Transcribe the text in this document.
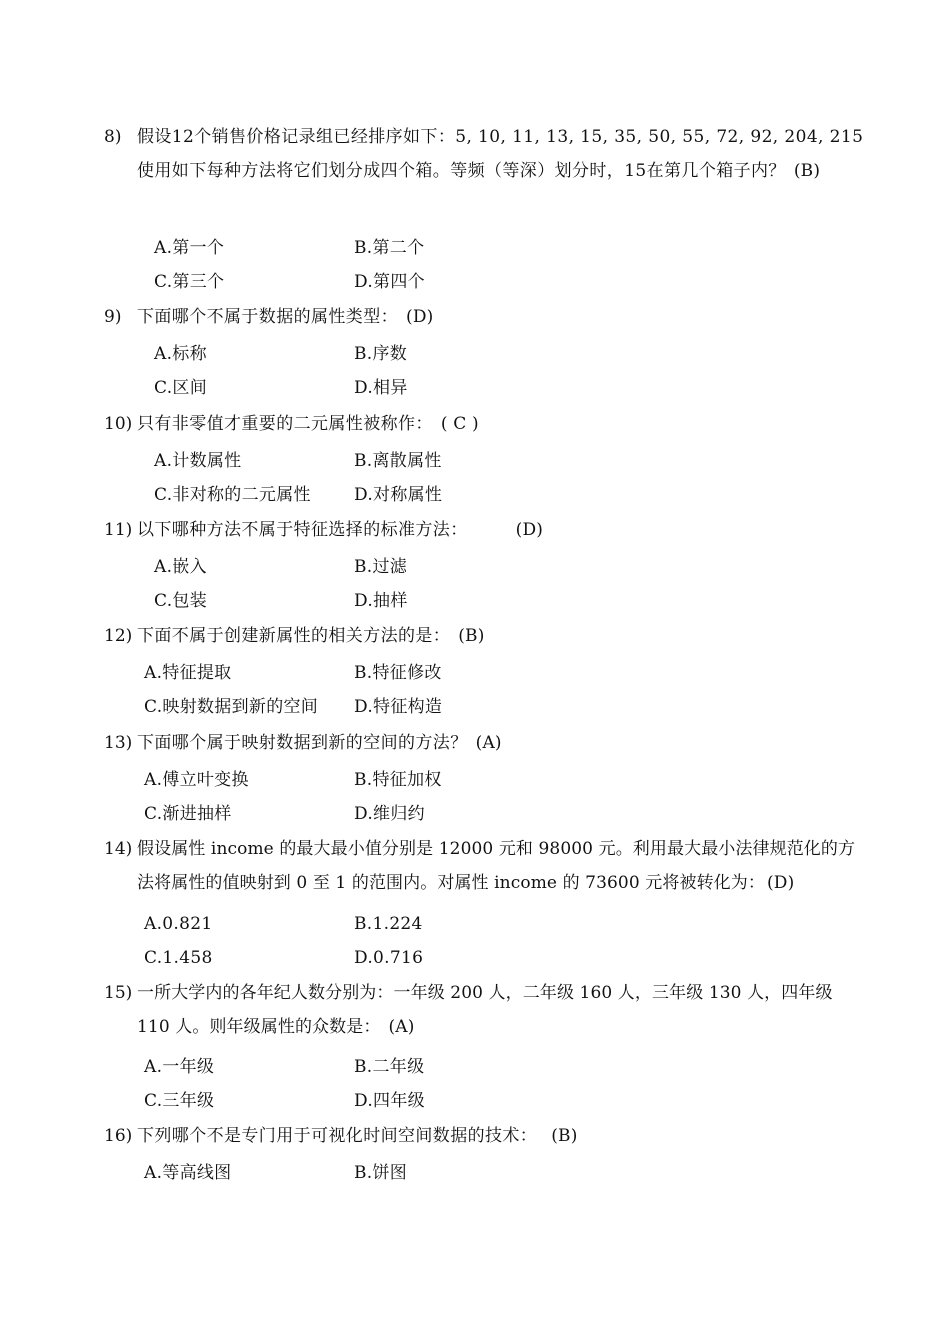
8) 假设12个销售价格记录组已经排序如下：5, 10, 11, 13, 15, 35, 50, 55, 72, 92, 204, 215 使用如下每种方法将它们划分成四个箱。等频（等深）划分时，15在第几个箱子内？ (B)
A.第一个	B.第二个
C.第三个	D.第四个
9) 下面哪个不属于数据的属性类型： (D)
A.标称	B.序数
C.区间	D.相异
10) 只有非零值才重要的二元属性被称作： ( C )
A.计数属性	B.离散属性
C.非对称的二元属性	D.对称属性
11) 以下哪种方法不属于特征选择的标准方法：	(D)
A.嵌入	B.过滤
C.包装	D.抽样
12) 下面不属于创建新属性的相关方法的是： (B)
A.特征提取	B.特征修改
C.映射数据到新的空间 D.特征构造
13) 下面哪个属于映射数据到新的空间的方法？ (A)
A.傅立叶变换	B.特征加权
C.渐进抽样	D.维归约
14) 假设属性 income 的最大最小值分别是 12000 元和 98000 元。利用最大最小法律规范化的方法将属性的值映射到 0 至 1 的范围内。对属性 income 的 73600 元将被转化为： (D)
A.0.821	B.1.224
C.1.458	D.0.716
15) 一所大学内的各年纪人数分别为：一年级 200 人，二年级 160 人，三年级 130 人，四年级 110 人。则年级属性的众数是： (A)
A.一年级	B.二年级
C.三年级	D.四年级
16) 下列哪个不是专门用于可视化时间空间数据的技术： (B)
A.等高线图	B.饼图
